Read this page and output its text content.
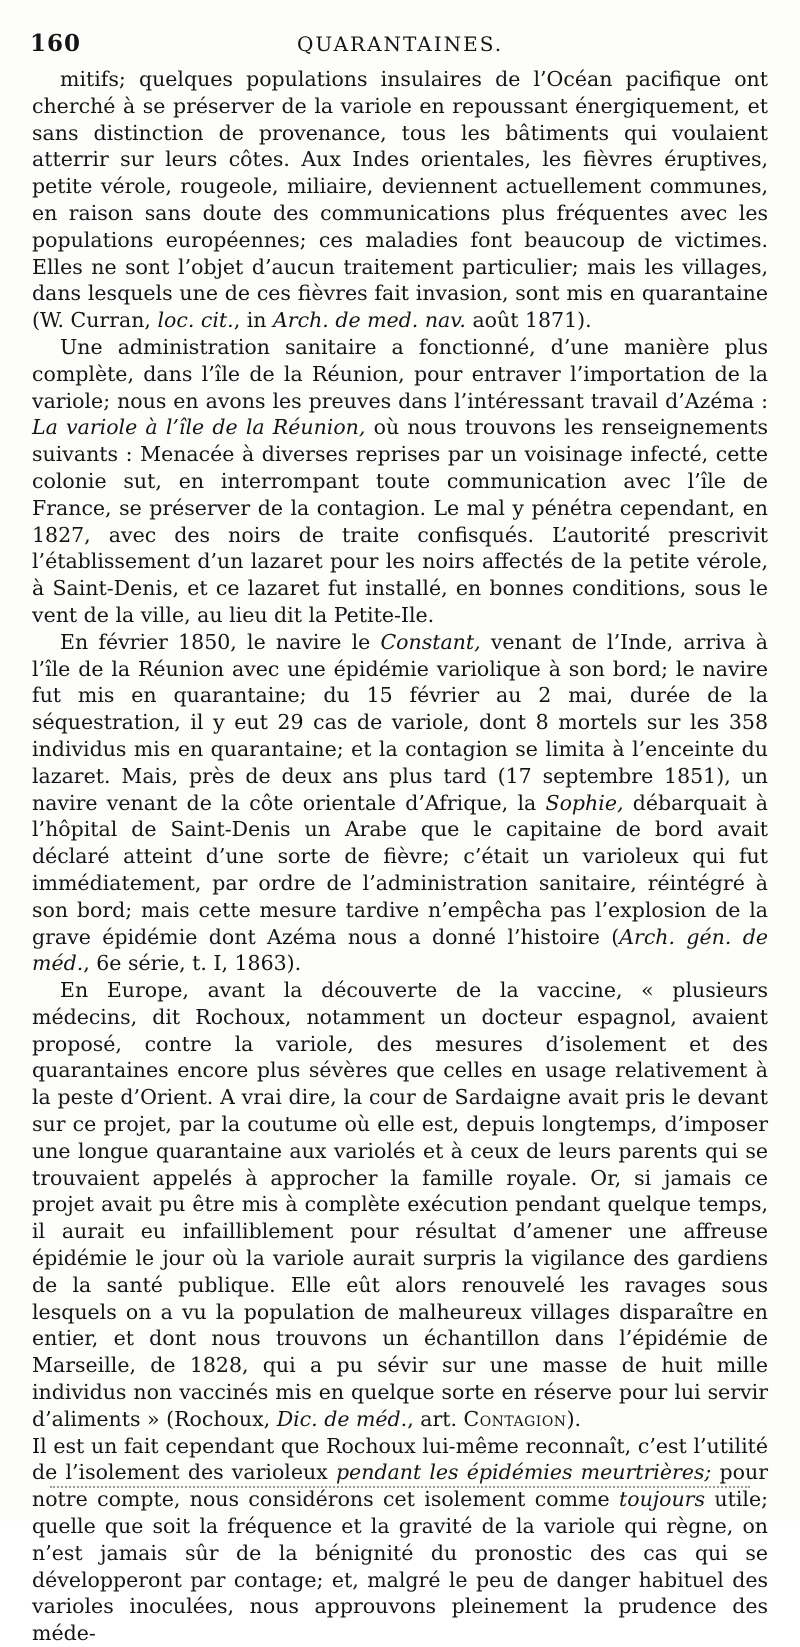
160	QUARANTAINES.

mitifs; quelques populations insulaires de l’Océan pacifique ont cherché à se préserver de la variole en repoussant énergiquement, et sans distinction de provenance, tous les bâtiments qui voulaient atterrir sur leurs côtes. Aux Indes orientales, les fièvres éruptives, petite vérole, rougeole, miliaire, deviennent actuellement communes, en raison sans doute des communications plus fréquentes avec les populations européennes; ces maladies font beaucoup de victimes. Elles ne sont l’objet d’aucun traitement particulier; mais les villages, dans lesquels une de ces fièvres fait invasion, sont mis en quarantaine (W. Curran, loc. cit., in Arch. de med. nav. août 1871).

Une administration sanitaire a fonctionné, d’une manière plus complète, dans l’île de la Réunion, pour entraver l’importation de la variole; nous en avons les preuves dans l’intéressant travail d’Azéma : La variole à l’île de la Réunion, où nous trouvons les renseignements suivants : Menacée à diverses reprises par un voisinage infecté, cette colonie sut, en interrompant toute communication avec l’île de France, se préserver de la contagion. Le mal y pénétra cependant, en 1827, avec des noirs de traite confisqués. L’autorité prescrivit l’établissement d’un lazaret pour les noirs affectés de la petite vérole, à Saint-Denis, et ce lazaret fut installé, en bonnes conditions, sous le vent de la ville, au lieu dit la Petite-Ile.

En février 1850, le navire le Constant, venant de l’Inde, arriva à l’île de la Réunion avec une épidémie variolique à son bord; le navire fut mis en quarantaine; du 15 février au 2 mai, durée de la séquestration, il y eut 29 cas de variole, dont 8 mortels sur les 358 individus mis en quarantaine; et la contagion se limita à l’enceinte du lazaret. Mais, près de deux ans plus tard (17 septembre 1851), un navire venant de la côte orientale d’Afrique, la Sophie, débarquait à l’hôpital de Saint-Denis un Arabe que le capitaine de bord avait déclaré atteint d’une sorte de fièvre; c’était un varioleux qui fut immédiatement, par ordre de l’administration sanitaire, réintégré à son bord; mais cette mesure tardive n’empêcha pas l’explosion de la grave épidémie dont Azéma nous a donné l’histoire (Arch. gén. de méd., 6e série, t. I, 1863).

En Europe, avant la découverte de la vaccine, « plusieurs médecins, dit Rochoux, notamment un docteur espagnol, avaient proposé, contre la variole, des mesures d’isolement et des quarantaines encore plus sévères que celles en usage relativement à la peste d’Orient. A vrai dire, la cour de Sardaigne avait pris le devant sur ce projet, par la coutume où elle est, depuis longtemps, d’imposer une longue quarantaine aux variolés et à ceux de leurs parents qui se trouvaient appelés à approcher la famille royale. Or, si jamais ce projet avait pu être mis à complète exécution pendant quelque temps, il aurait eu infailliblement pour résultat d’amener une affreuse épidémie le jour où la variole aurait surpris la vigilance des gardiens de la santé publique. Elle eût alors renouvelé les ravages sous lesquels on a vu la population de malheureux villages disparaître en entier, et dont nous trouvons un échantillon dans l’épidémie de Marseille, de 1828, qui a pu sévir sur une masse de huit mille individus non vaccinés mis en quelque sorte en réserve pour lui servir d’aliments » (Rochoux, Dic. de méd., art. Contagion).

Il est un fait cependant que Rochoux lui-même reconnaît, c’est l’utilité de l’isolement des varioleux pendant les épidémies meurtrières; pour notre compte, nous considérons cet isolement comme toujours utile; quelle que soit la fréquence et la gravité de la variole qui règne, on n’est jamais sûr de la bénignité du pronostic des cas qui se développeront par contage; et, malgré le peu de danger habituel des varioles inoculées, nous approuvons pleinement la prudence des méde-
